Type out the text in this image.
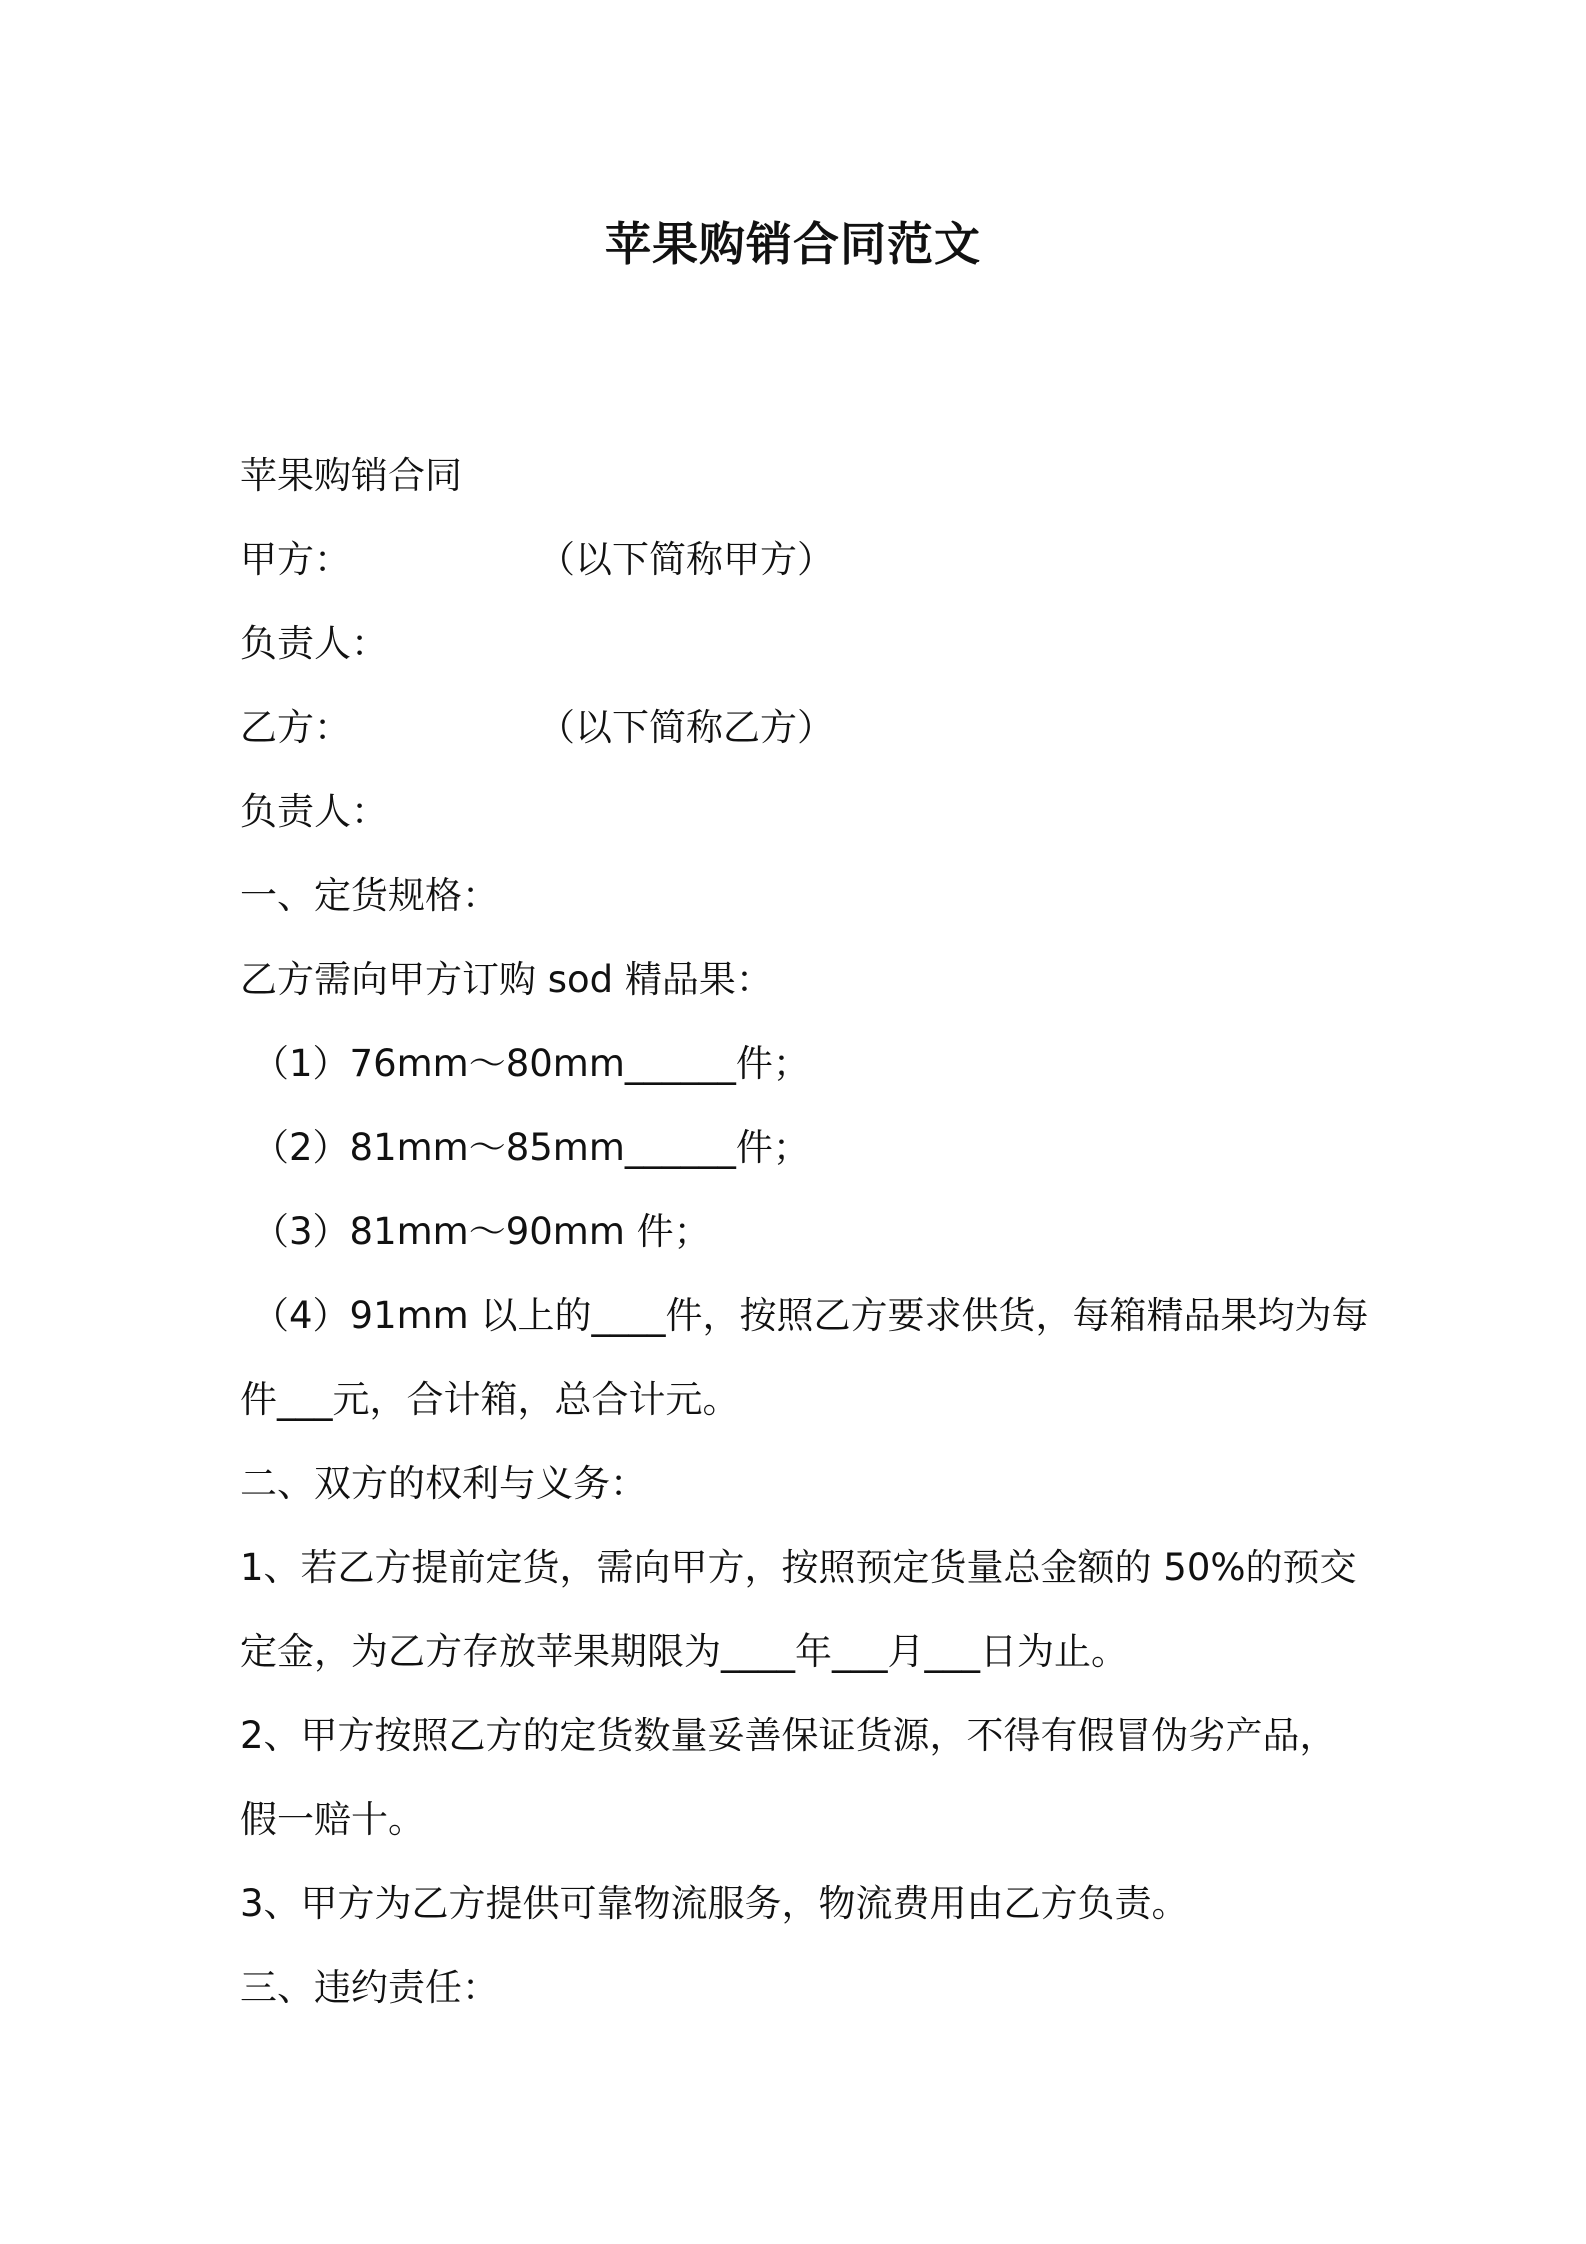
苹果购销合同范文
苹果购销合同
甲方：	（以下简称甲方）
负责人：
乙方：	（以下简称乙方）
负责人：
一、定货规格：
乙方需向甲方订购 sod 精品果：
（1）76mm～80mm______件；
（2）81mm～85mm______件；
（3）81mm～90mm 件；
（4）91mm 以上的____件，按照乙方要求供货，每箱精品果均为每
件___元，合计箱，总合计元。
二、双方的权利与义务：
1、若乙方提前定货，需向甲方，按照预定货量总金额的 50%的预交
定金，为乙方存放苹果期限为____年___月___日为止。
2、甲方按照乙方的定货数量妥善保证货源，不得有假冒伪劣产品，
假一赔十。
3、甲方为乙方提供可靠物流服务，物流费用由乙方负责。
三、违约责任：
